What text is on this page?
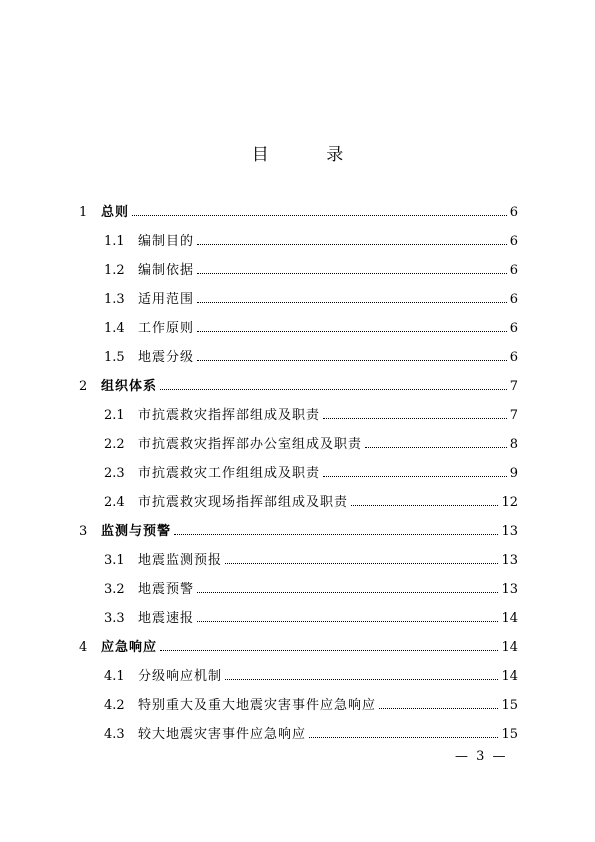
目 录
1	总则	6
1.1	编制目的	6
1.2	编制依据	6
1.3	适用范围	6
1.4	工作原则	6
1.5	地震分级	6
2	组织体系	7
2.1	市抗震救灾指挥部组成及职责	7
2.2	市抗震救灾指挥部办公室组成及职责	8
2.3	市抗震救灾工作组组成及职责	9
2.4	市抗震救灾现场指挥部组成及职责	12
3	监测与预警	13
3.1	地震监测预报	13
3.2	地震预警	13
3.3	地震速报	14
4	应急响应	14
4.1	分级响应机制	14
4.2	特别重大及重大地震灾害事件应急响应	15
4.3	较大地震灾害事件应急响应	15
— 3 —
